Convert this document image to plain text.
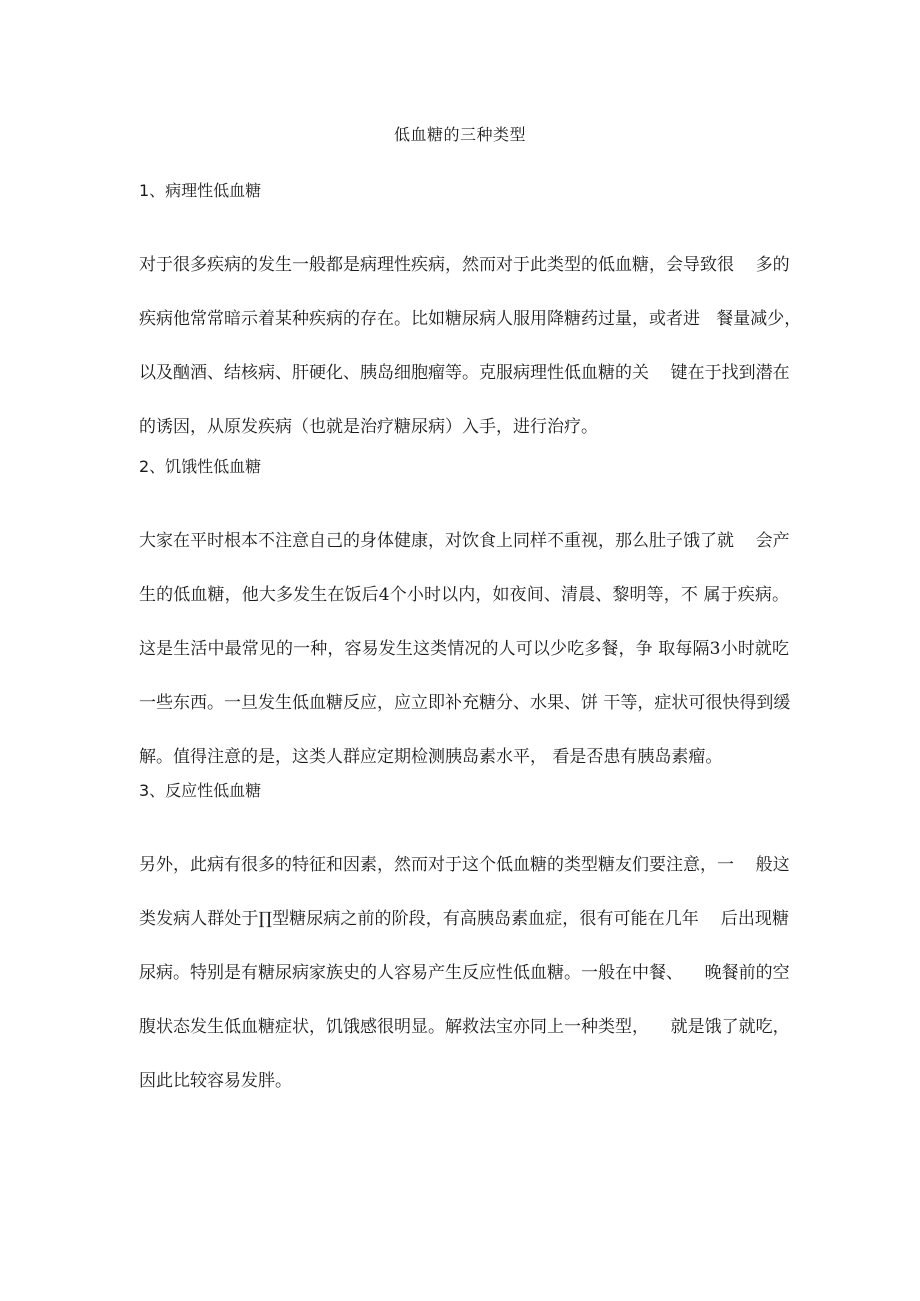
低血糖的三种类型
1、病理性低血糖
对于很多疾病的发生一般都是病理性疾病，然而对于此类型的低血糖，会导致很    多的
疾病他常常暗示着某种疾病的存在。比如糖尿病人服用降糖药过量，或者进   餐量减少，
以及酗酒、结核病、肝硬化、胰岛细胞瘤等。克服病理性低血糖的关    键在于找到潜在
的诱因，从原发疾病（也就是治疗糖尿病）入手，进行治疗。
2、饥饿性低血糖
大家在平时根本不注意自己的身体健康，对饮食上同样不重视，那么肚子饿了就    会产
生的低血糖，他大多发生在饭后4个小时以内，如夜间、清晨、黎明等，不 属于疾病。
这是生活中最常见的一种，容易发生这类情况的人可以少吃多餐，争 取每隔3小时就吃
一些东西。一旦发生低血糖反应，应立即补充糖分、水果、饼 干等，症状可很快得到缓
解。值得注意的是，这类人群应定期检测胰岛素水平， 看是否患有胰岛素瘤。
3、反应性低血糖
另外，此病有很多的特征和因素，然而对于这个低血糖的类型糖友们要注意，一    般这
类发病人群处于∏型糖尿病之前的阶段，有高胰岛素血症，很有可能在几年    后出现糖
尿病。特别是有糖尿病家族史的人容易产生反应性低血糖。一般在中餐、    晚餐前的空
腹状态发生低血糖症状，饥饿感很明显。解救法宝亦同上一种类型，    就是饿了就吃，
因此比较容易发胖。
